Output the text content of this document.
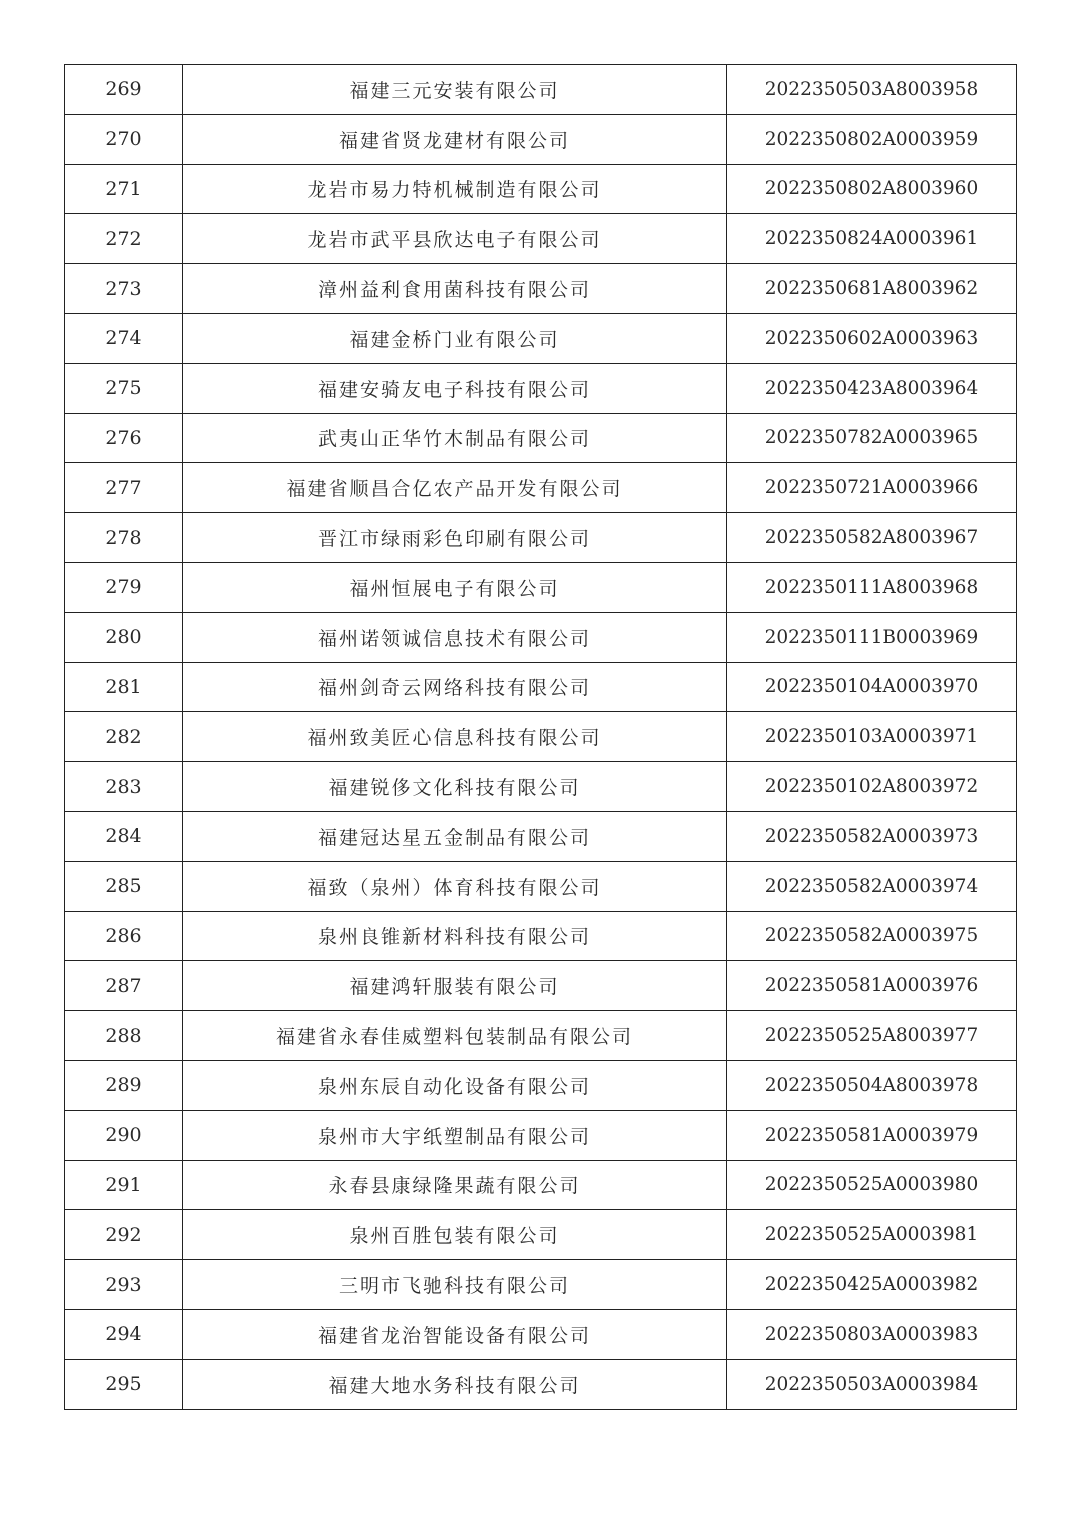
269	福建三元安装有限公司	2022350503A8003958
270	福建省贤龙建材有限公司	2022350802A0003959
271	龙岩市易力特机械制造有限公司	2022350802A8003960
272	龙岩市武平县欣达电子有限公司	2022350824A0003961
273	漳州益利食用菌科技有限公司	2022350681A8003962
274	福建金桥门业有限公司	2022350602A0003963
275	福建安骑友电子科技有限公司	2022350423A8003964
276	武夷山正华竹木制品有限公司	2022350782A0003965
277	福建省顺昌合亿农产品开发有限公司	2022350721A0003966
278	晋江市绿雨彩色印刷有限公司	2022350582A8003967
279	福州恒展电子有限公司	2022350111A8003968
280	福州诺领诚信息技术有限公司	2022350111B0003969
281	福州剑奇云网络科技有限公司	2022350104A0003970
282	福州致美匠心信息科技有限公司	2022350103A0003971
283	福建锐侈文化科技有限公司	2022350102A8003972
284	福建冠达星五金制品有限公司	2022350582A0003973
285	福致（泉州）体育科技有限公司	2022350582A0003974
286	泉州良锥新材料科技有限公司	2022350582A0003975
287	福建鸿轩服装有限公司	2022350581A0003976
288	福建省永春佳威塑料包装制品有限公司	2022350525A8003977
289	泉州东辰自动化设备有限公司	2022350504A8003978
290	泉州市大宇纸塑制品有限公司	2022350581A0003979
291	永春县康绿隆果蔬有限公司	2022350525A0003980
292	泉州百胜包装有限公司	2022350525A0003981
293	三明市飞驰科技有限公司	2022350425A0003982
294	福建省龙治智能设备有限公司	2022350803A0003983
295	福建大地水务科技有限公司	2022350503A0003984
